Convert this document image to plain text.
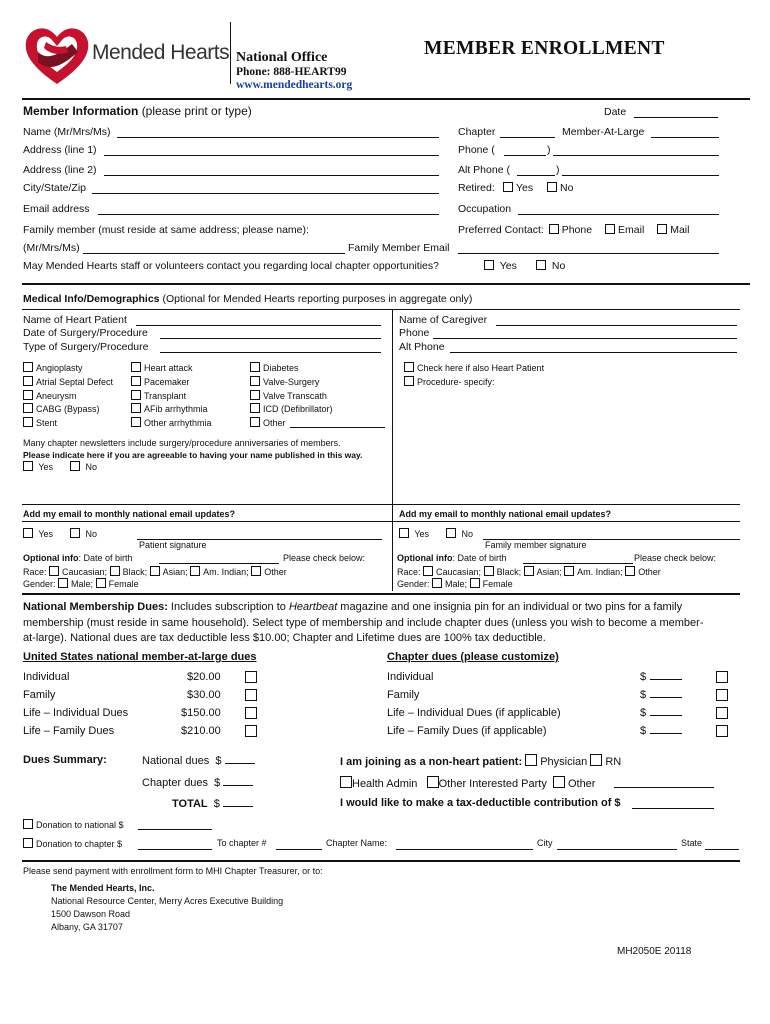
Mended Hearts National Office
Phone: 888-HEART99
www.mendedhearts.org
MEMBER ENROLLMENT
Member Information (please print or type)	Date
Name (Mr/Mrs/Ms)	Chapter	Member-At-Large
Address (line 1)	Phone (	)
Address (line 2)	Alt Phone (	)
City/State/Zip	Retired:	Yes	No
Email address	Occupation
Family member (must reside at same address; please name):	Preferred Contact: Phone Email Mail
(Mr/Mrs/Ms)	Family Member Email
May Mended Hearts staff or volunteers contact you regarding local chapter opportunities?	Yes	No
Medical Info/Demographics (Optional for Mended Hearts reporting purposes in aggregate only)
Name of Heart Patient
Date of Surgery/Procedure
Type of Surgery/Procedure
Name of Caregiver
Phone
Alt Phone
Angioplasty
Atrial Septal Defect
Aneurysm
CABG (Bypass)
Stent
Heart attack
Pacemaker
Transplant
AFib arrhythmia
Other arrhythmia
Diabetes
Valve-Surgery
Valve Transcath
ICD (Defibrillator)
Other
Check here if also Heart Patient
Procedure- specify:
Many chapter newsletters include surgery/procedure anniversaries of members.
Please indicate here if you are agreeable to having your name published in this way.
Yes	No
Add my email to monthly national email updates?	Add my email to monthly national email updates?
Yes	No	Yes	No
Patient signature	Family member signature
Optional info: Date of birth	Please check below:
Race: Caucasian; Black; Asian; Am. Indian; Other
Gender: Male; Female
Optional info: Date of birth	Please check below:
Race: Caucasian; Black; Asian; Am. Indian; Other
Gender: Male; Female
National Membership Dues: Includes subscription to Heartbeat magazine and one insignia pin for an individual or two pins for a family
membership (must reside in same household). Select type of membership and include chapter dues (unless you wish to become a member-
at-large). National dues are tax deductible less $10.00; Chapter and Lifetime dues are 100% tax deductible.
United States national member-at-large dues	Chapter dues (please customize)
Individual	$20.00
Family	$30.00
Life – Individual Dues	$150.00
Life – Family Dues	$210.00
Individual	$
Family	$
Life – Individual Dues (if applicable)	$
Life – Family Dues (if applicable)	$
Dues Summary:	National dues $
Chapter dues $
TOTAL $
I am joining as a non-heart patient: Physician RN
Health Admin Other Interested Party Other
I would like to make a tax-deductible contribution of $
Donation to national $
Donation to chapter $	To chapter #	Chapter Name:	City	State
Please send payment with enrollment form to MHI Chapter Treasurer, or to:
The Mended Hearts, Inc.
National Resource Center, Merry Acres Executive Building
1500 Dawson Road
Albany, GA 31707
MH2050E 20118
